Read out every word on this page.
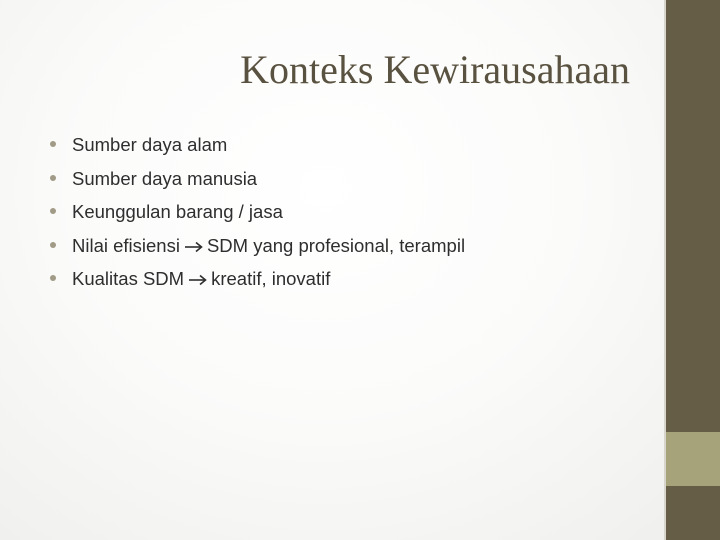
Konteks Kewirausahaan
Sumber daya alam
Sumber daya manusia
Keunggulan barang / jasa
Nilai efisiensi SDM yang profesional, terampil
Kualitas SDM kreatif, inovatif
